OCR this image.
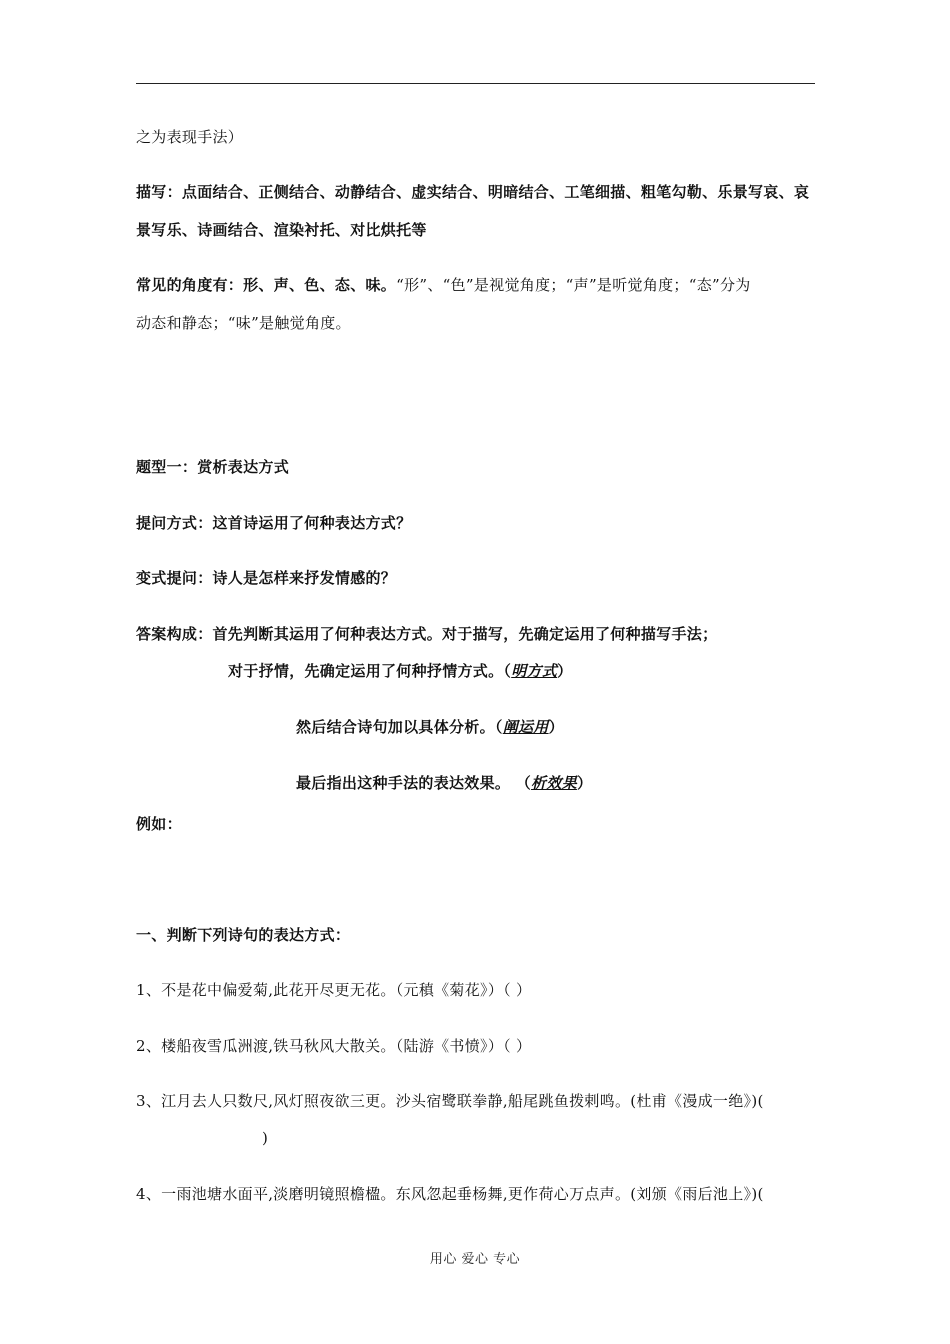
之为表现手法）
描写：点面结合、正侧结合、动静结合、虚实结合、明暗结合、工笔细描、粗笔勾勒、乐景写哀、哀
景写乐、诗画结合、渲染衬托、对比烘托等
常见的角度有：形、声、色、态、味。“形”、“色”是视觉角度；“声”是听觉角度；“态”分为
动态和静态；“味”是触觉角度。
题型一：赏析表达方式
提问方式：这首诗运用了何种表达方式？
变式提问：诗人是怎样来抒发情感的？
答案构成：首先判断其运用了何种表达方式。对于描写，先确定运用了何种描写手法；
对于抒情，先确定运用了何种抒情方式。（明方式）
然后结合诗句加以具体分析。（阐运用）
最后指出这种手法的表达效果。 （析效果）
例如：
一、判断下列诗句的表达方式：
1、不是花中偏爱菊,此花开尽更无花。（元稹《菊花》）（ ）
2、楼船夜雪瓜洲渡,铁马秋风大散关。（陆游《书愤》）（ ）
3、江月去人只数尺,风灯照夜欲三更。沙头宿鹭联拳静,船尾跳鱼拨剌鸣。(杜甫《漫成一绝》)(
)
4、一雨池塘水面平,淡磨明镜照檐楹。东风忽起垂杨舞,更作荷心万点声。(刘颁《雨后池上》)(
用心 爱心 专心
